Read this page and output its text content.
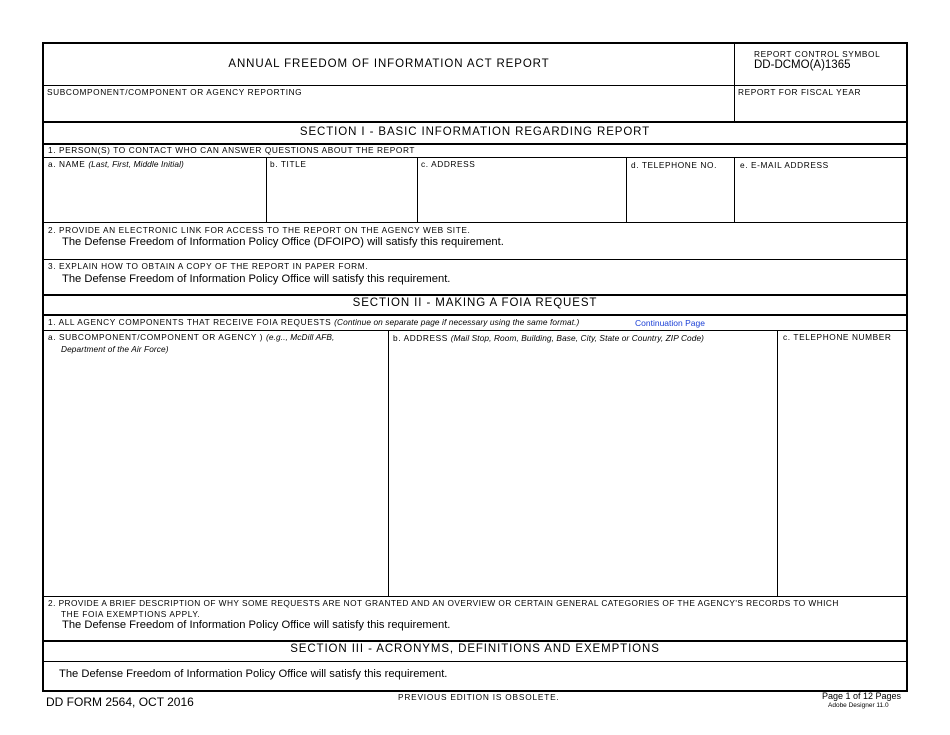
ANNUAL FREEDOM OF INFORMATION ACT REPORT
REPORT CONTROL SYMBOL
DD-DCMO(A)1365
SUBCOMPONENT/COMPONENT OR AGENCY REPORTING	REPORT FOR FISCAL YEAR
SECTION I - BASIC INFORMATION REGARDING REPORT
1. PERSON(S) TO CONTACT WHO CAN ANSWER QUESTIONS ABOUT THE REPORT
a. NAME (Last, First, Middle Initial)	b. TITLE	c. ADDRESS	d. TELEPHONE NO.	e. E-MAIL ADDRESS
2. PROVIDE AN ELECTRONIC LINK FOR ACCESS TO THE REPORT ON THE AGENCY WEB SITE.
The Defense Freedom of Information Policy Office (DFOIPO) will satisfy this requirement.
3. EXPLAIN HOW TO OBTAIN A COPY OF THE REPORT IN PAPER FORM.
The Defense Freedom of Information Policy Office will satisfy this requirement.
SECTION II - MAKING A FOIA REQUEST
1. ALL AGENCY COMPONENTS THAT RECEIVE FOIA REQUESTS (Continue on separate page if necessary using the same format.)	Continuation Page
a. SUBCOMPONENT/COMPONENT OR AGENCY ) (e.g.., McDill AFB,
Department of the Air Force)
b. ADDRESS (Mail Stop, Room, Building, Base, City, State or Country, ZIP Code)	c. TELEPHONE NUMBER
2. PROVIDE A BRIEF DESCRIPTION OF WHY SOME REQUESTS ARE NOT GRANTED AND AN OVERVIEW OR CERTAIN GENERAL CATEGORIES OF THE AGENCY'S RECORDS TO WHICH
THE FOIA EXEMPTIONS APPLY.
The Defense Freedom of Information Policy Office will satisfy this requirement.
SECTION III - ACRONYMS, DEFINITIONS AND EXEMPTIONS
The Defense Freedom of Information Policy Office will satisfy this requirement.
DD FORM 2564, OCT 2016	PREVIOUS EDITION IS OBSOLETE.	Page 1 of 12 Pages
Adobe Designer 11.0
